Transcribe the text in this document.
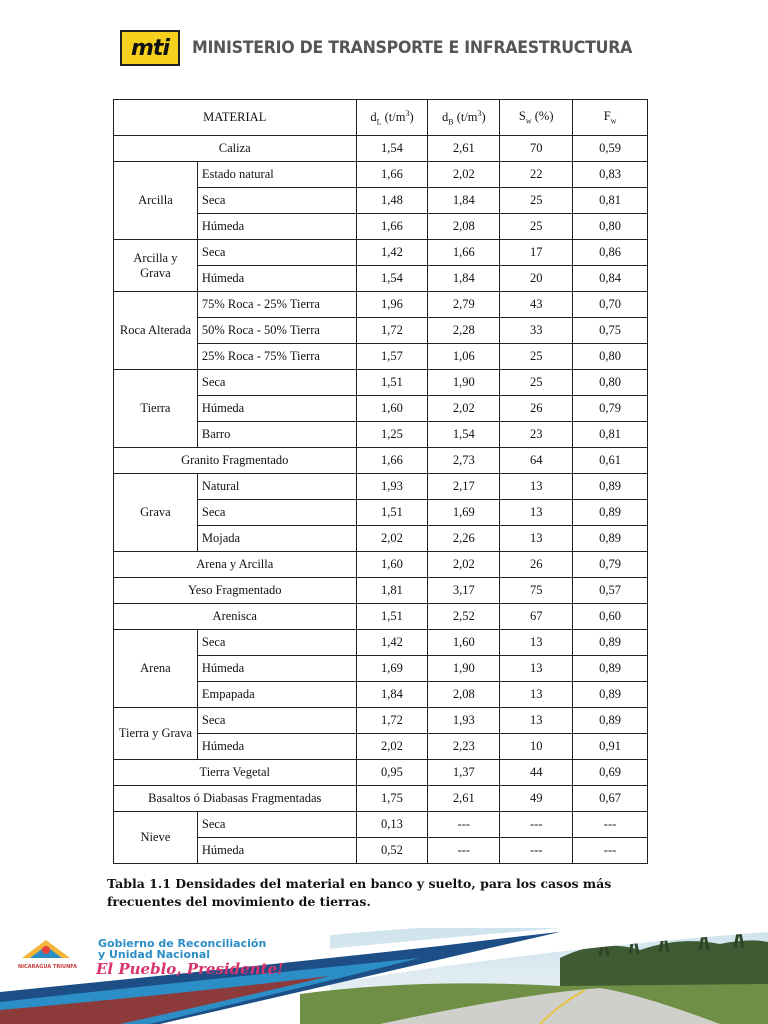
mti MINISTERIO DE TRANSPORTE E INFRAESTRUCTURA
MATERIAL		$d_L$ $(t/m^3)$	$d_B$ $(t/m^3)$	$S_w$ (%)	$F_w$
Caliza		1,54	2,61	70	0,59
Arcilla	Estado natural	1,66	2,02	22	0,83
	Seca	1,48	1,84	25	0,81
	Húmeda	1,66	2,08	25	0,80
Arcilla y Grava	Seca	1,42	1,66	17	0,86
	Húmeda	1,54	1,84	20	0,84
Roca Alterada	75% Roca - 25% Tierra	1,96	2,79	43	0,70
	50% Roca - 50% Tierra	1,72	2,28	33	0,75
	25% Roca - 75% Tierra	1,57	1,06	25	0,80
Tierra	Seca	1,51	1,90	25	0,80
	Húmeda	1,60	2,02	26	0,79
	Barro	1,25	1,54	23	0,81
Granito Fragmentado		1,66	2,73	64	0,61
Grava	Natural	1,93	2,17	13	0,89
	Seca	1,51	1,69	13	0,89
	Mojada	2,02	2,26	13	0,89
Arena y Arcilla		1,60	2,02	26	0,79
Yeso Fragmentado		1,81	3,17	75	0,57
Arenisca		1,51	2,52	67	0,60
Arena	Seca	1,42	1,60	13	0,89
	Húmeda	1,69	1,90	13	0,89
	Empapada	1,84	2,08	13	0,89
Tierra y Grava	Seca	1,72	1,93	13	0,89
	Húmeda	2,02	2,23	10	0,91
Tierra Vegetal		0,95	1,37	44	0,69
Basaltos ó Diabasas Fragmentadas		1,75	2,61	49	0,67
Nieve	Seca	0,13	---	---	---
	Húmeda	0,52	---	---	---
Tabla 1.1 Densidades del material en banco y suelto, para los casos más frecuentes del movimiento de tierras.
Gobierno de Reconciliación
y Unidad Nacional
El Pueblo, Presidente!
NICARAGUA TRIUNFA
